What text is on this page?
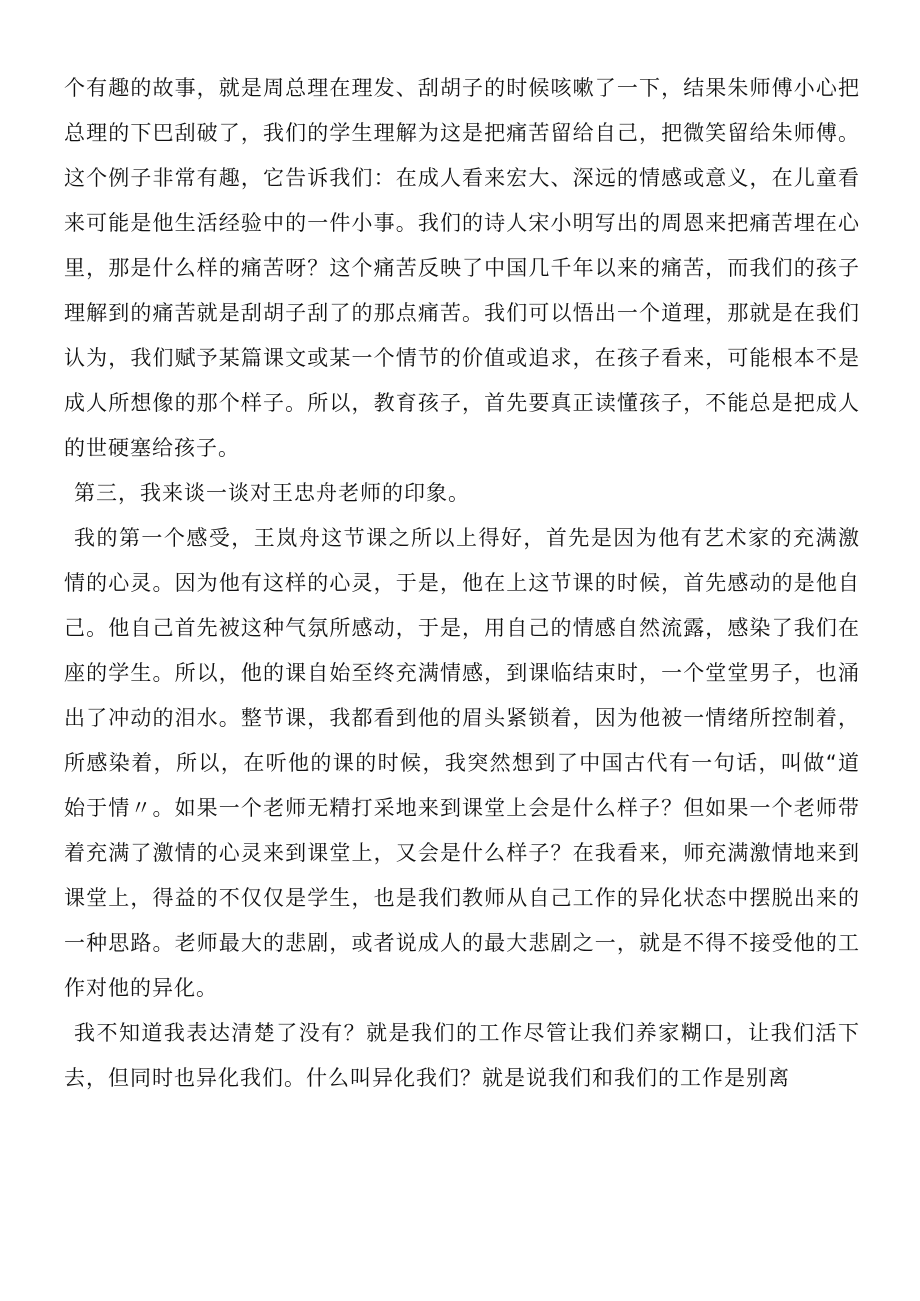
个有趣的故事，就是周总理在理发、刮胡子的时候咳嗽了一下，结果朱师傅小心把总理的下巴刮破了，我们的学生理解为这是把痛苦留给自己，把微笑留给朱师傅。这个例子非常有趣，它告诉我们：在成人看来宏大、深远的情感或意义，在儿童看来可能是他生活经验中的一件小事。我们的诗人宋小明写出的周恩来把痛苦埋在心里，那是什么样的痛苦呀？这个痛苦反映了中国几千年以来的痛苦，而我们的孩子理解到的痛苦就是刮胡子刮了的那点痛苦。我们可以悟出一个道理，那就是在我们认为，我们赋予某篇课文或某一个情节的价值或追求，在孩子看来，可能根本不是成人所想像的那个样子。所以，教育孩子，首先要真正读懂孩子，不能总是把成人的世硬塞给孩子。

第三，我来谈一谈对王忠舟老师的印象。

我的第一个感受，王岚舟这节课之所以上得好，首先是因为他有艺术家的充满激情的心灵。因为他有这样的心灵，于是，他在上这节课的时候，首先感动的是他自己。他自己首先被这种气氛所感动，于是，用自己的情感自然流露，感染了我们在座的学生。所以，他的课自始至终充满情感，到课临结束时，一个堂堂男子，也涌出了冲动的泪水。整节课，我都看到他的眉头紧锁着，因为他被一情绪所控制着，所感染着，所以，在听他的课的时候，我突然想到了中国古代有一句话，叫做“道始于情〃。如果一个老师无精打采地来到课堂上会是什么样子？但如果一个老师带着充满了激情的心灵来到课堂上，又会是什么样子？在我看来，师充满激情地来到课堂上，得益的不仅仅是学生，也是我们教师从自己工作的异化状态中摆脱出来的一种思路。老师最大的悲剧，或者说成人的最大悲剧之一，就是不得不接受他的工作对他的异化。

我不知道我表达清楚了没有？就是我们的工作尽管让我们养家糊口，让我们活下去，但同时也异化我们。什么叫异化我们？就是说我们和我们的工作是别离
